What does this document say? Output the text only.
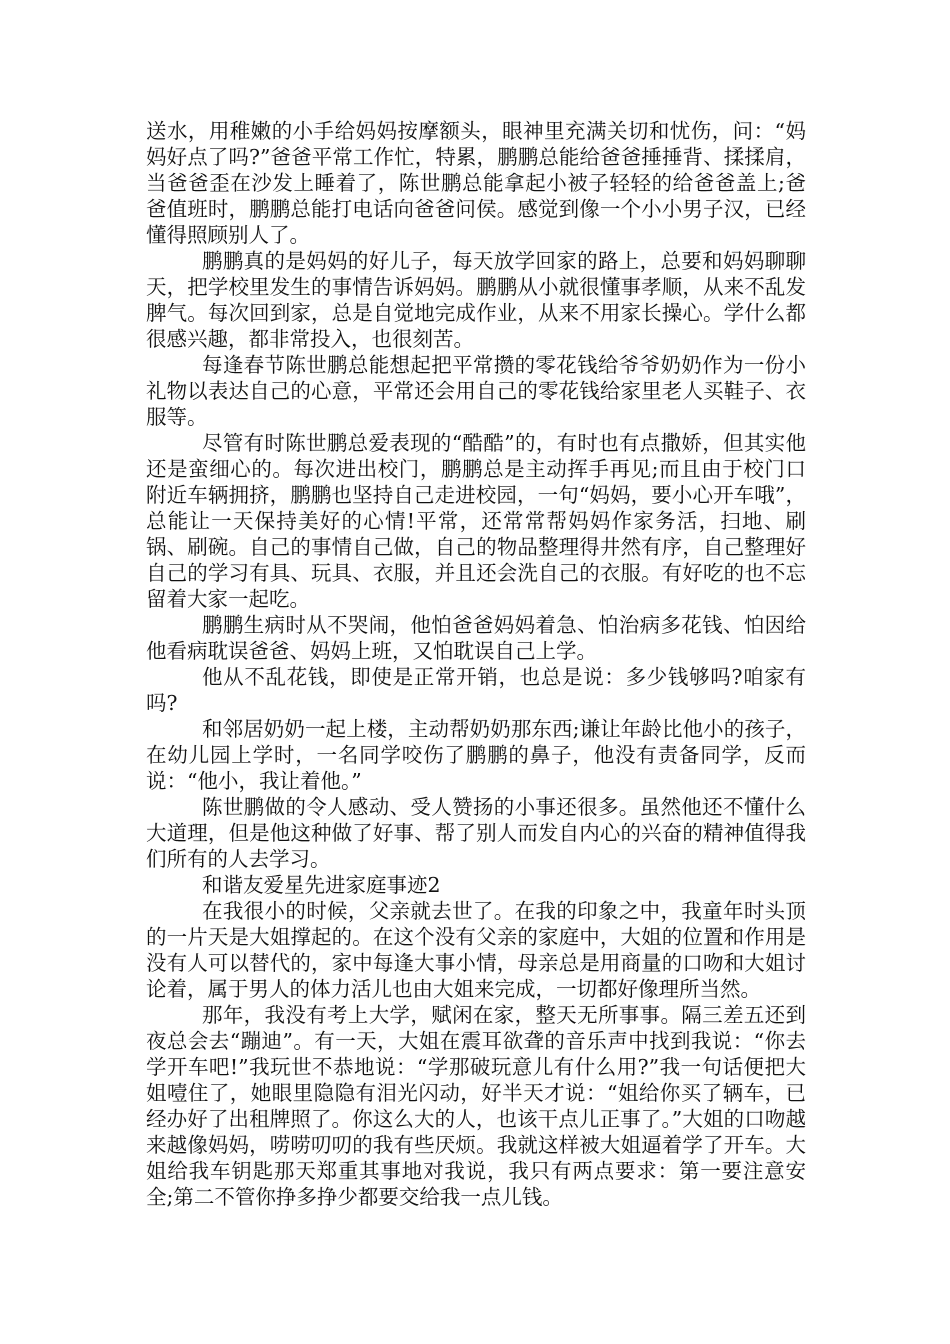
送水，用稚嫩的小手给妈妈按摩额头，眼神里充满关切和忧伤，问：“妈妈好点了吗?”爸爸平常工作忙，特累，鹏鹏总能给爸爸捶捶背、揉揉肩，当爸爸歪在沙发上睡着了，陈世鹏总能拿起小被子轻轻的给爸爸盖上;爸爸值班时，鹏鹏总能打电话向爸爸问侯。感觉到像一个小小男子汉，已经懂得照顾别人了。

鹏鹏真的是妈妈的好儿子，每天放学回家的路上，总要和妈妈聊聊天，把学校里发生的事情告诉妈妈。鹏鹏从小就很懂事孝顺，从来不乱发脾气。每次回到家，总是自觉地完成作业，从来不用家长操心。学什么都很感兴趣，都非常投入，也很刻苦。

每逢春节陈世鹏总能想起把平常攒的零花钱给爷爷奶奶作为一份小礼物以表达自己的心意，平常还会用自己的零花钱给家里老人买鞋子、衣服等。

尽管有时陈世鹏总爱表现的“酷酷”的，有时也有点撒娇，但其实他还是蛮细心的。每次进出校门，鹏鹏总是主动挥手再见;而且由于校门口附近车辆拥挤，鹏鹏也坚持自己走进校园，一句“妈妈，要小心开车哦”，总能让一天保持美好的心情!平常，还常常帮妈妈作家务活，扫地、刷锅、刷碗。自己的事情自己做，自己的物品整理得井然有序，自己整理好自己的学习有具、玩具、衣服，并且还会洗自己的衣服。有好吃的也不忘留着大家一起吃。

鹏鹏生病时从不哭闹，他怕爸爸妈妈着急、怕治病多花钱、怕因给他看病耽误爸爸、妈妈上班，又怕耽误自己上学。

他从不乱花钱，即使是正常开销，也总是说：多少钱够吗?咱家有吗?

和邻居奶奶一起上楼，主动帮奶奶那东西;谦让年龄比他小的孩子，在幼儿园上学时，一名同学咬伤了鹏鹏的鼻子，他没有责备同学，反而说：“他小，我让着他。”

陈世鹏做的令人感动、受人赞扬的小事还很多。虽然他还不懂什么大道理，但是他这种做了好事、帮了别人而发自内心的兴奋的精神值得我们所有的人去学习。

和谐友爱星先进家庭事迹2

在我很小的时候，父亲就去世了。在我的印象之中，我童年时头顶的一片天是大姐撑起的。在这个没有父亲的家庭中，大姐的位置和作用是没有人可以替代的，家中每逢大事小情，母亲总是用商量的口吻和大姐讨论着，属于男人的体力活儿也由大姐来完成，一切都好像理所当然。

那年，我没有考上大学，赋闲在家，整天无所事事。隔三差五还到夜总会去“蹦迪”。有一天，大姐在震耳欲聋的音乐声中找到我说：“你去学开车吧!”我玩世不恭地说：“学那破玩意儿有什么用?”我一句话便把大姐噎住了，她眼里隐隐有泪光闪动，好半天才说：“姐给你买了辆车，已经办好了出租牌照了。你这么大的人，也该干点儿正事了。”大姐的口吻越来越像妈妈，唠唠叨叨的我有些厌烦。我就这样被大姐逼着学了开车。大姐给我车钥匙那天郑重其事地对我说，我只有两点要求：第一要注意安全;第二不管你挣多挣少都要交给我一点儿钱。
